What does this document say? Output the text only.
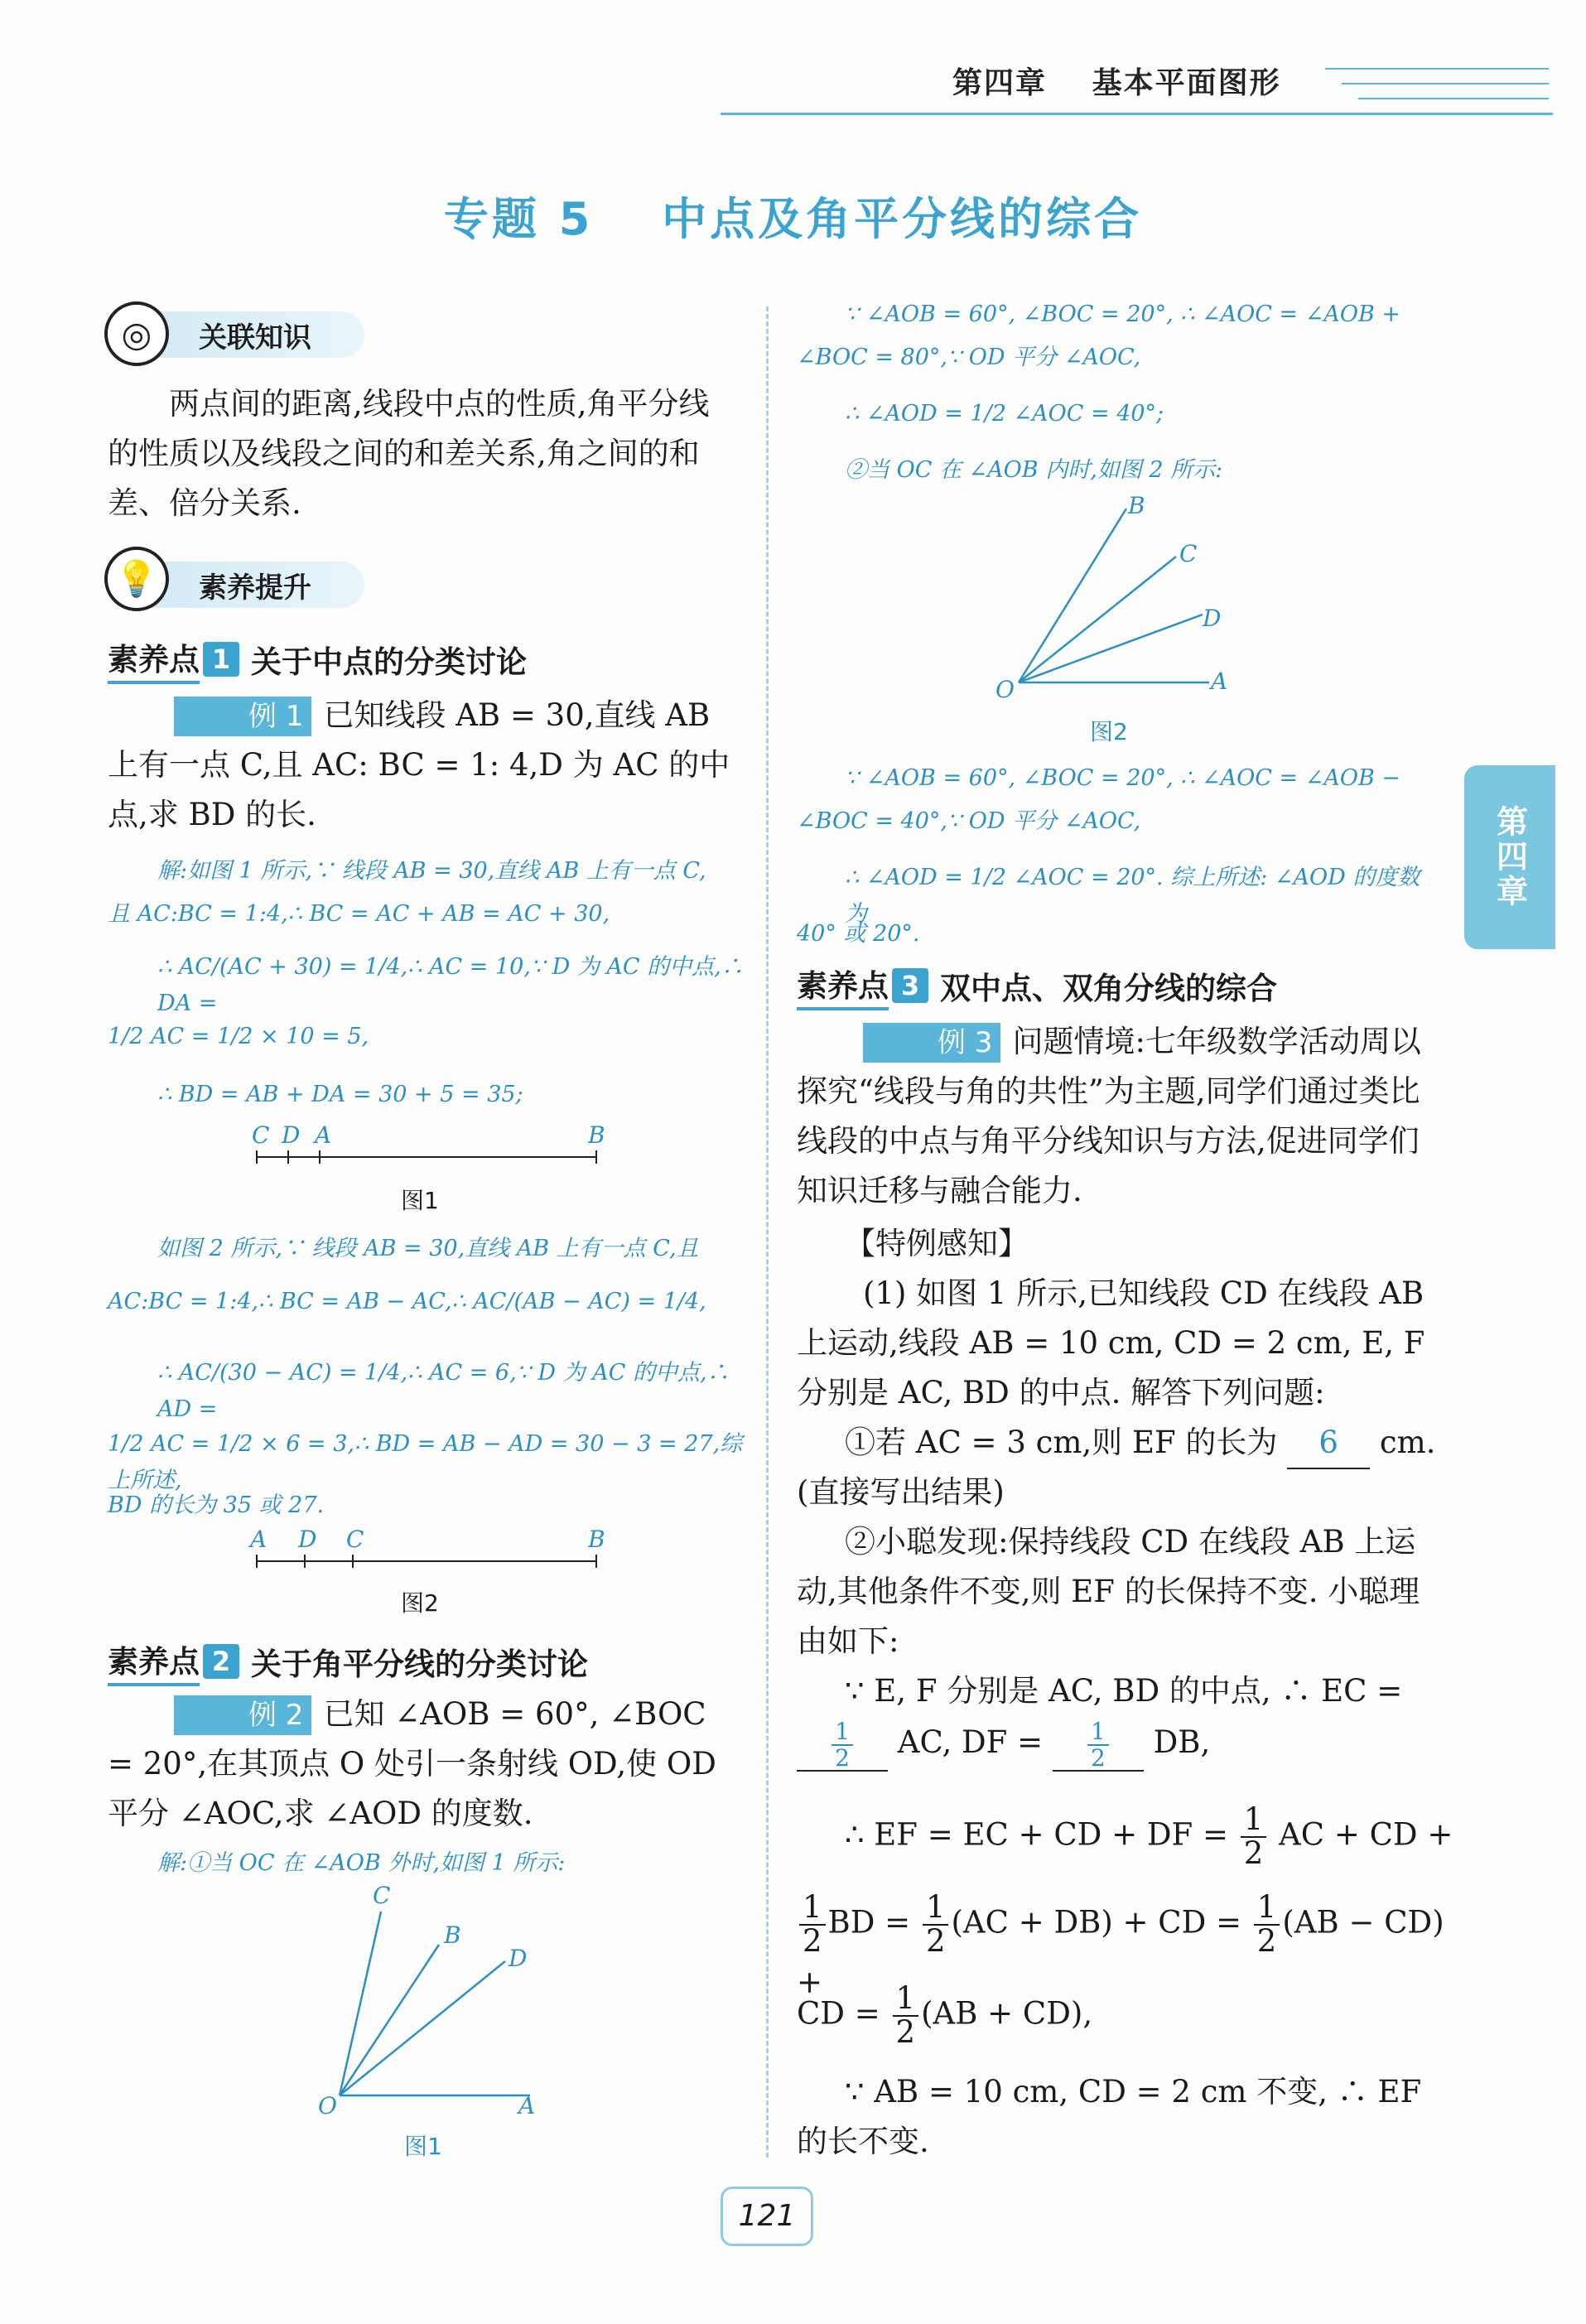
第四章 基本平面图形
专题 5 中点及角平分线的综合
第四章
关联知识
◎
两点间的距离,线段中点的性质,角平分线的性质以及线段之间的和差关系,角之间的和差、倍分关系.
素养提升
💡
素养点 1 关于中点的分类讨论
例 1 已知线段 AB = 30,直线 AB 上有一点 C,且 AC: BC = 1: 4,D 为 AC 的中点,求 BD 的长.
解:如图 1 所示,∵ 线段 AB = 30,直线 AB 上有一点 C,
且 AC:BC = 1:4,∴ BC = AC + AB = AC + 30,
∴ AC/(AC + 30) = 1/4,∴ AC = 10,∵ D 为 AC 的中点,∴ DA =
1/2 AC = 1/2 × 10 = 5,
∴ BD = AB + DA = 30 + 5 = 35;
C D A	B
图1
如图 2 所示,∵ 线段 AB = 30,直线 AB 上有一点 C,且
AC:BC = 1:4,∴ BC = AB − AC,∴ AC/(AB − AC) = 1/4,
∴ AC/(30 − AC) = 1/4,∴ AC = 6,∵ D 为 AC 的中点,∴ AD =
1/2 AC = 1/2 × 6 = 3,∴ BD = AB − AD = 30 − 3 = 27,综上所述,
BD 的长为 35 或 27.
A D C	B
图2
素养点 2 关于角平分线的分类讨论
例 2 已知 ∠AOB = 60°, ∠BOC = 20°,在其顶点 O 处引一条射线 OD,使 OD 平分 ∠AOC,求 ∠AOD 的度数.
解:①当 OC 在 ∠AOB 外时,如图 1 所示:
C
B
D
O	A
图1
∵ ∠AOB = 60°, ∠BOC = 20°, ∴ ∠AOC = ∠AOB +
∠BOC = 80°,∵ OD 平分 ∠AOC,
∴ ∠AOD = 1/2 ∠AOC = 40°;
②当 OC 在 ∠AOB 内时,如图 2 所示:
B
C
D
O	A
图2
∵ ∠AOB = 60°, ∠BOC = 20°, ∴ ∠AOC = ∠AOB −
∠BOC = 40°,∵ OD 平分 ∠AOC,
∴ ∠AOD = 1/2 ∠AOC = 20°. 综上所述: ∠AOD 的度数为
40° 或 20°.
素养点 3 双中点、双角分线的综合
例 3 问题情境:七年级数学活动周以探究“线段与角的共性”为主题,同学们通过类比线段的中点与角平分线知识与方法,促进同学们知识迁移与融合能力.
【特例感知】
(1) 如图 1 所示,已知线段 CD 在线段 AB 上运动,线段 AB = 10 cm, CD = 2 cm, E, F 分别是 AC, BD 的中点. 解答下列问题:
①若 AC = 3 cm,则 EF 的长为 6 cm.
(直接写出结果)
②小聪发现:保持线段 CD 在线段 AB 上运动,其他条件不变,则 EF 的长保持不变. 小聪理由如下:
∵ E, F 分别是 AC, BD 的中点, ∴ EC =
$\frac{1}{2}$ AC, DF = $\frac{1}{2}$ DB,
∴ EF = EC + CD + DF = $\frac{1}{2}$ AC + CD +
$\frac{1}{2}$ BD = $\frac{1}{2} (AC + DB)$ + CD = $\frac{1}{2} (AB - CD)$ +
CD = $\frac{1}{2} (AB + CD)$,
∵ AB = 10 cm, CD = 2 cm 不变, ∴ EF 的长不变.
121
